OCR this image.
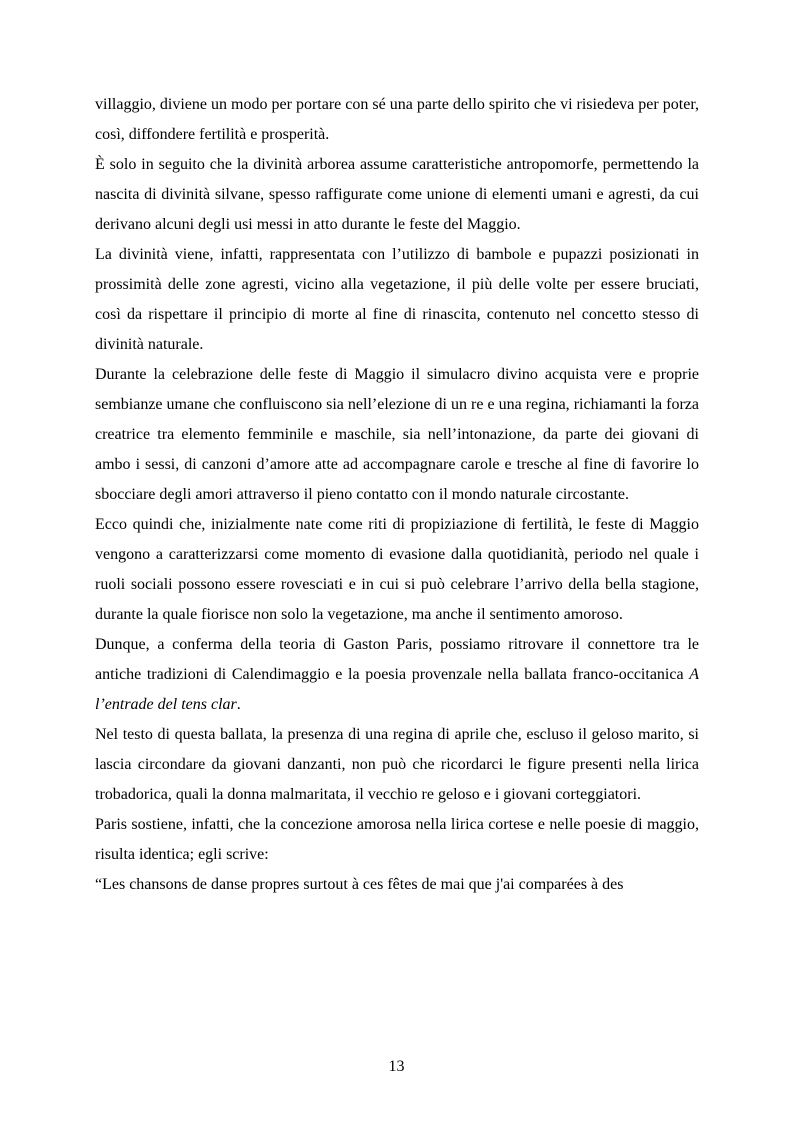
villaggio, diviene un modo per portare con sé una parte dello spirito che vi risiedeva per poter, così, diffondere fertilità e prosperità.

È solo in seguito che la divinità arborea assume caratteristiche antropomorfe, permettendo la nascita di divinità silvane, spesso raffigurate come unione di elementi umani e agresti, da cui derivano alcuni degli usi messi in atto durante le feste del Maggio.

La divinità viene, infatti, rappresentata con l’utilizzo di bambole e pupazzi posizionati in prossimità delle zone agresti, vicino alla vegetazione, il più delle volte per essere bruciati, così da rispettare il principio di morte al fine di rinascita, contenuto nel concetto stesso di divinità naturale.

Durante la celebrazione delle feste di Maggio il simulacro divino acquista vere e proprie sembianze umane che confluiscono sia nell’elezione di un re e una regina, richiamanti la forza creatrice tra elemento femminile e maschile, sia nell’intonazione, da parte dei giovani di ambo i sessi, di canzoni d’amore atte ad accompagnare carole e tresche al fine di favorire lo sbocciare degli amori attraverso il pieno contatto con il mondo naturale circostante.

Ecco quindi che, inizialmente nate come riti di propiziazione di fertilità, le feste di Maggio vengono a caratterizzarsi come momento di evasione dalla quotidianità, periodo nel quale i ruoli sociali possono essere rovesciati e in cui si può celebrare l’arrivo della bella stagione, durante la quale fiorisce non solo la vegetazione, ma anche il sentimento amoroso.

Dunque, a conferma della teoria di Gaston Paris, possiamo ritrovare il connettore tra le antiche tradizioni di Calendimaggio e la poesia provenzale nella ballata franco-occitanica A l’entrade del tens clar.

Nel testo di questa ballata, la presenza di una regina di aprile che, escluso il geloso marito, si lascia circondare da giovani danzanti, non può che ricordarci le figure presenti nella lirica trobadorica, quali la donna malmaritata, il vecchio re geloso e i giovani corteggiatori.

Paris sostiene, infatti, che la concezione amorosa nella lirica cortese e nelle poesie di maggio, risulta identica; egli scrive:

“Les chansons de danse propres surtout à ces fêtes de mai que j'ai comparées à des

13
